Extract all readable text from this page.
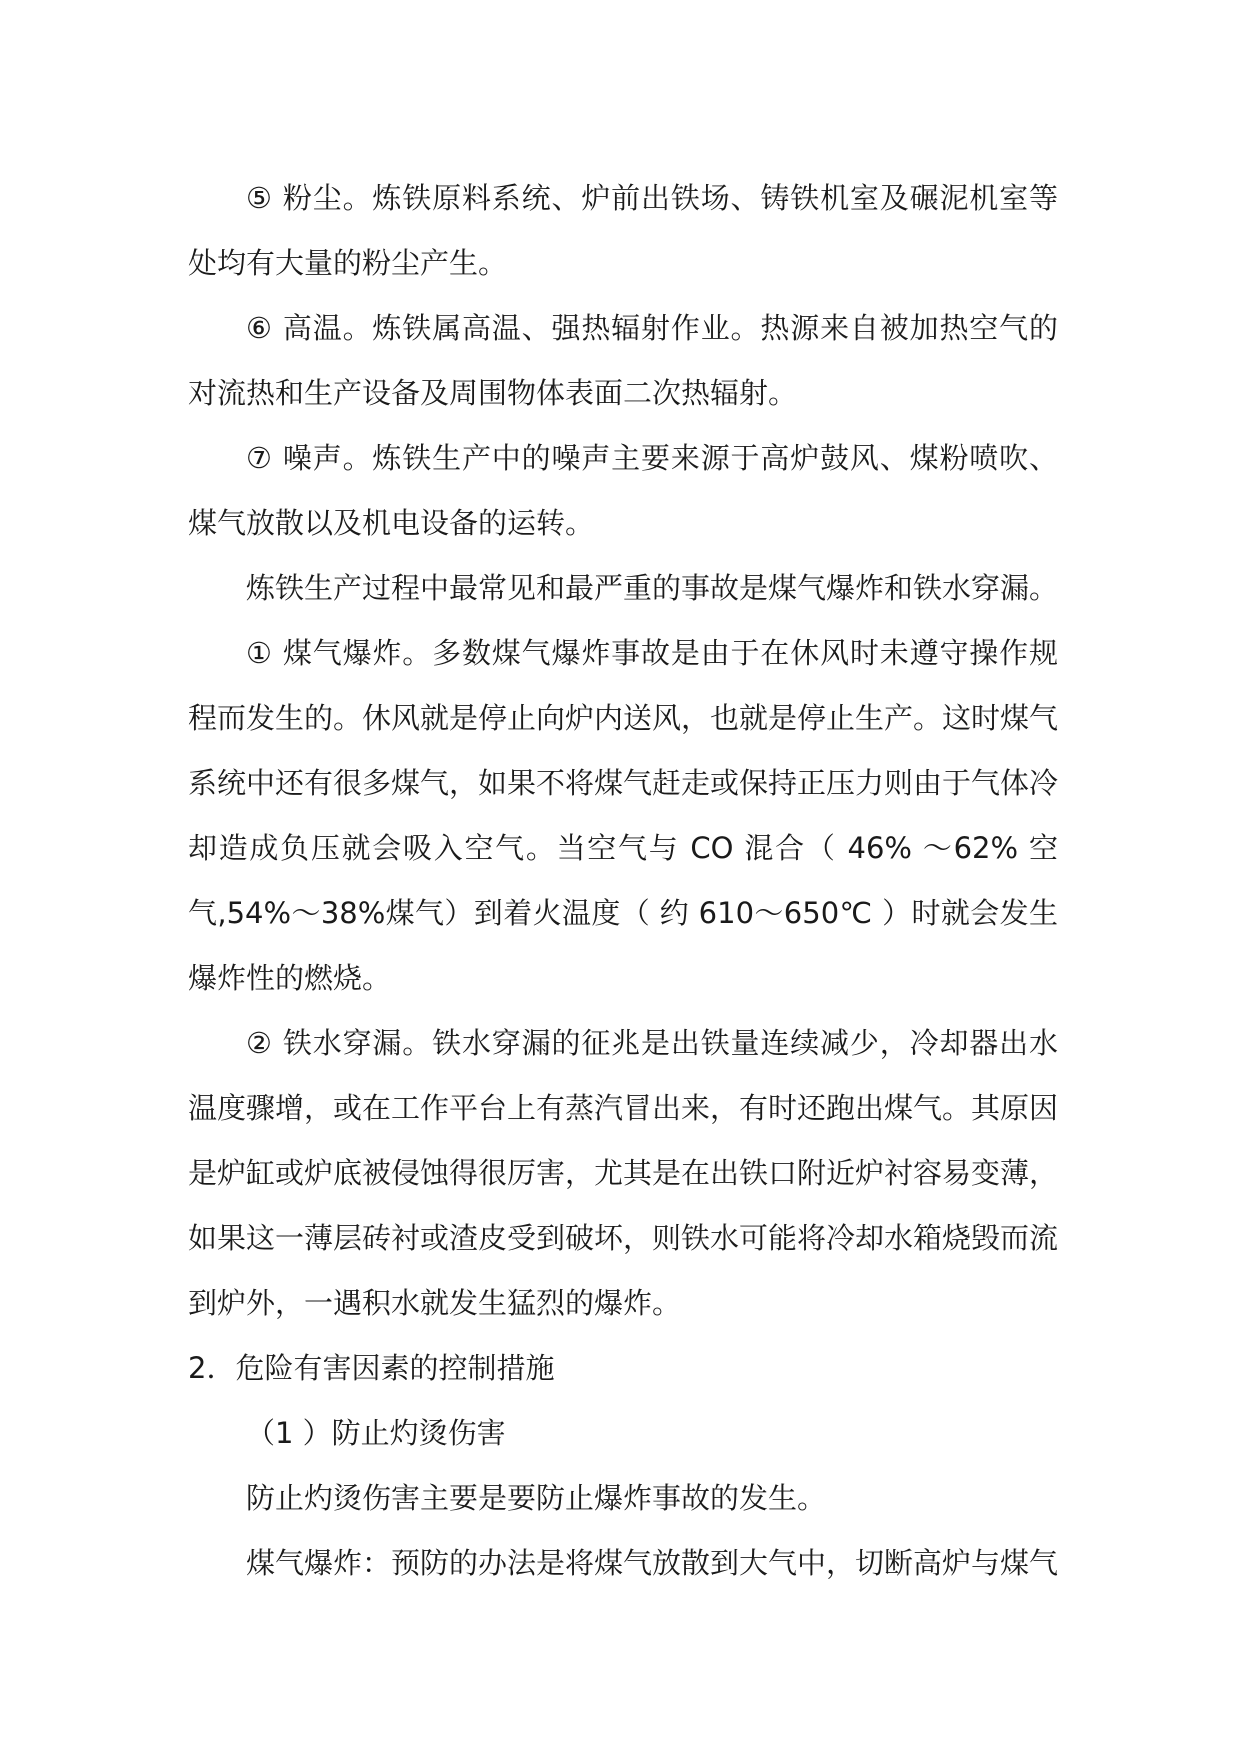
⑤ 粉尘。炼铁原料系统、炉前出铁场、铸铁机室及碾泥机室等处均有大量的粉尘产生。

⑥ 高温。炼铁属高温、强热辐射作业。热源来自被加热空气的对流热和生产设备及周围物体表面二次热辐射。

⑦ 噪声。炼铁生产中的噪声主要来源于高炉鼓风、煤粉喷吹、煤气放散以及机电设备的运转。

炼铁生产过程中最常见和最严重的事故是煤气爆炸和铁水穿漏。

① 煤气爆炸。多数煤气爆炸事故是由于在休风时未遵守操作规程而发生的。休风就是停止向炉内送风，也就是停止生产。这时煤气系统中还有很多煤气，如果不将煤气赶走或保持正压力则由于气体冷却造成负压就会吸入空气。当空气与 CO 混合（ 46% ～62% 空气,54%～38%煤气）到着火温度（ 约 610～650℃ ）时就会发生爆炸性的燃烧。

② 铁水穿漏。铁水穿漏的征兆是出铁量连续减少，冷却器出水温度骤增，或在工作平台上有蒸汽冒出来，有时还跑出煤气。其原因是炉缸或炉底被侵蚀得很厉害，尤其是在出铁口附近炉衬容易变薄，如果这一薄层砖衬或渣皮受到破坏，则铁水可能将冷却水箱烧毁而流到炉外，一遇积水就发生猛烈的爆炸。

2．危险有害因素的控制措施
（1 ）防止灼烫伤害

防止灼烫伤害主要是要防止爆炸事故的发生。

煤气爆炸：预防的办法是将煤气放散到大气中，切断高炉与煤气
